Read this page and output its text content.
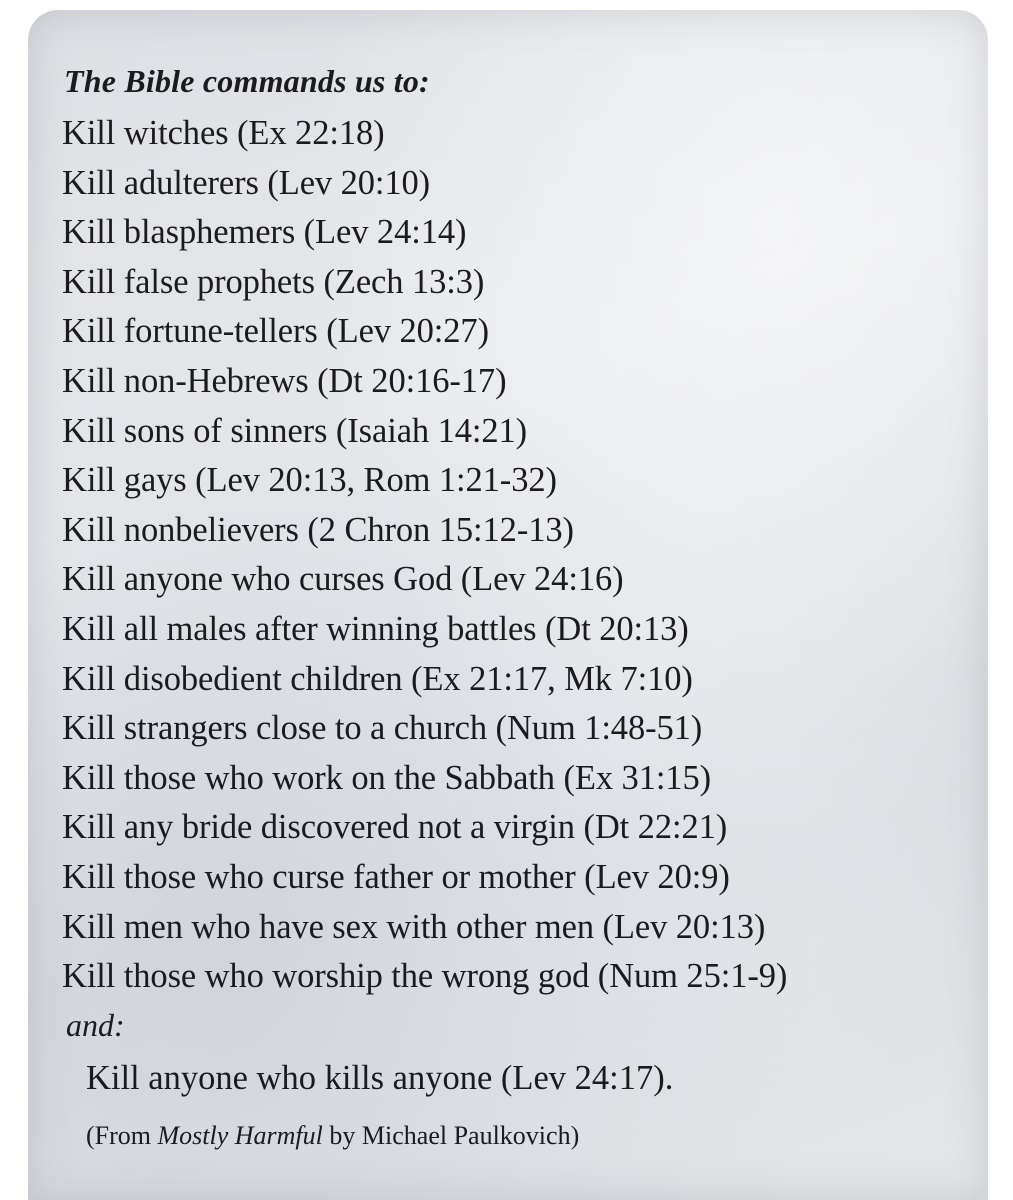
The Bible commands us to:
Kill witches (Ex 22:18)
Kill adulterers (Lev 20:10)
Kill blasphemers (Lev 24:14)
Kill false prophets (Zech 13:3)
Kill fortune-tellers (Lev 20:27)
Kill non-Hebrews (Dt 20:16-17)
Kill sons of sinners (Isaiah 14:21)
Kill gays (Lev 20:13, Rom 1:21-32)
Kill nonbelievers (2 Chron 15:12-13)
Kill anyone who curses God (Lev 24:16)
Kill all males after winning battles (Dt 20:13)
Kill disobedient children (Ex 21:17, Mk 7:10)
Kill strangers close to a church (Num 1:48-51)
Kill those who work on the Sabbath (Ex 31:15)
Kill any bride discovered not a virgin (Dt 22:21)
Kill those who curse father or mother (Lev 20:9)
Kill men who have sex with other men (Lev 20:13)
Kill those who worship the wrong god (Num 25:1-9)
and:
Kill anyone who kills anyone (Lev 24:17).
(From Mostly Harmful by Michael Paulkovich)
